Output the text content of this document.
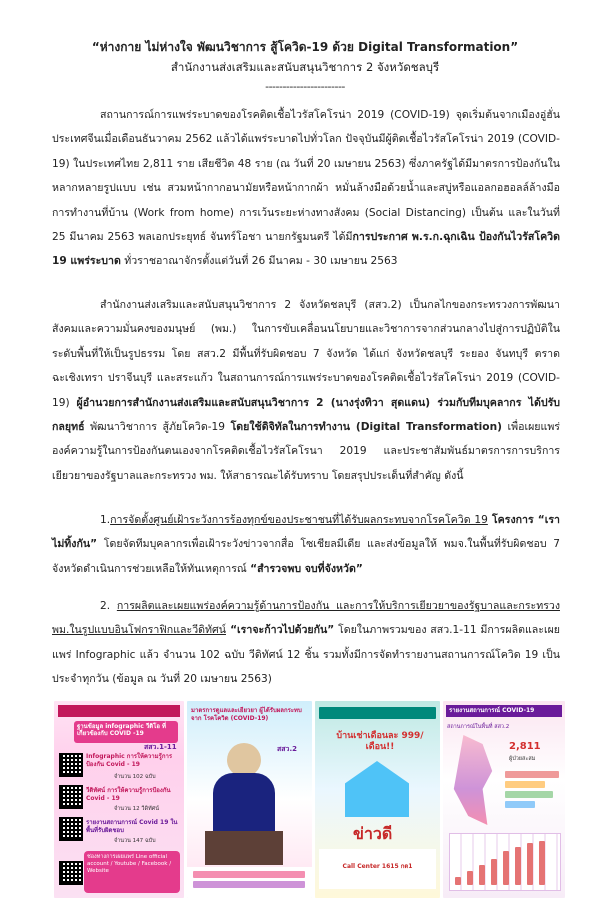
“ห่างกาย ไม่ห่างใจ พัฒนวิชาการ สู้โควิด-19 ด้วย Digital Transformation”
สำนักงานส่งเสริมและสนับสนุนวิชาการ 2 จังหวัดชลบุรี
-----------------------
สถานการณ์การแพร่ระบาดของโรคติดเชื้อไวรัสโคโรน่า 2019 (COVID-19) จุดเริ่มต้นจากเมืองอู่ฮั่น ประเทศจีนเมื่อเดือนธันวาคม 2562 แล้วได้แพร่ระบาดไปทั่วโลก ปัจจุบันมีผู้ติดเชื้อไวรัสโคโรน่า 2019 (COVID-19) ในประเทศไทย 2,811 ราย เสียชีวิต 48 ราย (ณ วันที่ 20 เมษายน 2563) ซึ่งภาครัฐได้มีมาตรการป้องกันในหลากหลายรูปแบบ เช่น สวมหน้ากากอนามัยหรือหน้ากากผ้า หมั่นล้างมือด้วยน้ำและสบู่หรือแอลกอฮอลล์ล้างมือ การทำงานที่บ้าน (Work from home) การเว้นระยะห่างทางสังคม (Social Distancing) เป็นต้น และในวันที่ 25 มีนาคม 2563 พลเอกประยุทธ์ จันทร์โอชา นายกรัฐมนตรี ได้มีการประกาศ พ.ร.ก.ฉุกเฉิน ป้องกันไวรัสโควิด 19 แพร่ระบาด ทั่วราชอาณาจักรตั้งแต่วันที่ 26 มีนาคม - 30 เมษายน 2563
สำนักงานส่งเสริมและสนับสนุนวิชาการ 2 จังหวัดชลบุรี (สสว.2) เป็นกลไกของกระทรวงการพัฒนาสังคมและความมั่นคงของมนุษย์ (พม.) ในการขับเคลื่อนนโยบายและวิชาการจากส่วนกลางไปสู่การปฏิบัติในระดับพื้นที่ให้เป็นรูปธรรม โดย สสว.2 มีพื้นที่รับผิดชอบ 7 จังหวัด ได้แก่ จังหวัดชลบุรี ระยอง จันทบุรี ตราด ฉะเชิงเทรา ปราจีนบุรี และสระแก้ว ในสถานการณ์การแพร่ระบาดของโรคติดเชื้อไวรัสโคโรน่า 2019 (COVID-19) ผู้อำนวยการสำนักงานส่งเสริมและสนับสนุนวิชาการ 2 (นางรุ่งทิวา สุดแดน) ร่วมกับทีมบุคลากร ได้ปรับกลยุทธ์ พัฒนาวิชาการ สู้ภัยโควิด-19 โดยใช้ดิจิทัลในการทำงาน (Digital Transformation) เพื่อเผยแพร่องค์ความรู้ในการป้องกันตนเองจากโรคติดเชื้อไวรัสโคโรนา 2019 และประชาสัมพันธ์มาตรการการบริการเยียวยาของรัฐบาลและกระทรวง พม. ให้สาธารณะได้รับทราบ โดยสรุปประเด็นที่สำคัญ ดังนี้
1.การจัดตั้งศูนย์เฝ้าระวังการร้องทุกข์ของประชาชนที่ได้รับผลกระทบจากโรคโควิด 19 โครงการ “เราไม่ทิ้งกัน” โดยจัดทีมบุคลากรเพื่อเฝ้าระวังข่าวจากสื่อ โซเชียลมีเดีย และส่งข้อมูลให้ พมจ.ในพื้นที่รับผิดชอบ 7 จังหวัดดำเนินการช่วยเหลือให้ทันเหตุการณ์ “สำรวจพบ จบที่จังหวัด”
2. การผลิตและเผยแพร่องค์ความรู้ด้านการป้องกัน และการให้บริการเยียวยาของรัฐบาลและกระทรวง พม.ในรูปแบบอินโฟกราฟิกและวีดิทัศน์ “เราจะก้าวไปด้วยกัน” โดยในภาพรวมของ สสว.1-11 มีการผลิตและเผยแพร่ Infographic แล้ว จำนวน 102 ฉบับ วีดิทัศน์ 12 ชิ้น รวมทั้งมีการจัดทำรายงานสถานการณ์โควิด 19 เป็นประจำทุกวัน (ข้อมูล ณ วันที่ 20 เมษายน 2563)
ฐานข้อมูล infographic วีดิโอ ที่เกี่ยวข้องกับ COVID -19
สสว.1-11
Infographic การให้ความรู้การป้องกัน Covid - 19
จำนวน 102 ฉบับ
วีดิทัศน์ การให้ความรู้การป้องกัน Covid - 19
จำนวน 12 วีดิทัศน์
รายงานสถานการณ์ Covid 19 ในพื้นที่รับผิดชอบ
จำนวน 147 ฉบับ
ช่องทางการเผยแพร่ Line official account / Youtube / Facebook / Website
มาตรการดูแลและเยียวยา ผู้ได้รับผลกระทบจาก โรคโควิด (COVID-19)
สสว.2
บ้านเช่าเดือนละ 999/เดือน!!
ข่าวดี
Call Center 1615 กด1
รายงานสถานการณ์ COVID-19
สถานการณ์ในพื้นที่ สสว.2
2,811
ผู้ป่วยสะสม
